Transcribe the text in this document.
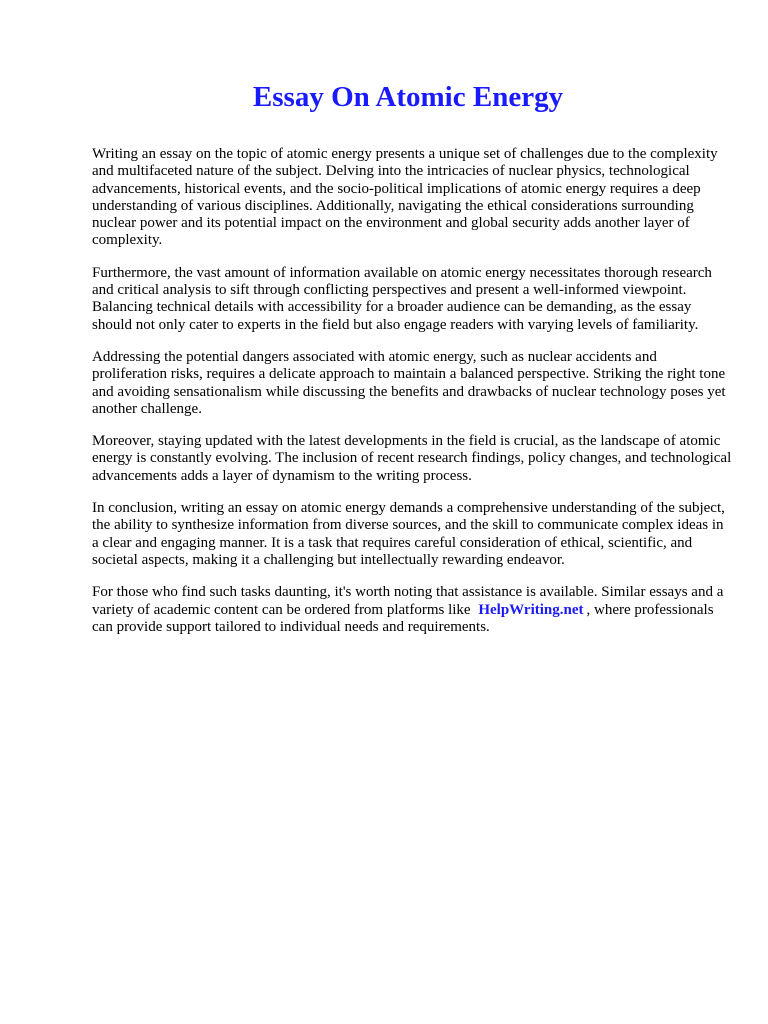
Essay On Atomic Energy

Writing an essay on the topic of atomic energy presents a unique set of challenges due to the complexity and multifaceted nature of the subject. Delving into the intricacies of nuclear physics, technological advancements, historical events, and the socio-political implications of atomic energy requires a deep understanding of various disciplines. Additionally, navigating the ethical considerations surrounding nuclear power and its potential impact on the environment and global security adds another layer of complexity.

Furthermore, the vast amount of information available on atomic energy necessitates thorough research and critical analysis to sift through conflicting perspectives and present a well-informed viewpoint. Balancing technical details with accessibility for a broader audience can be demanding, as the essay should not only cater to experts in the field but also engage readers with varying levels of familiarity.

Addressing the potential dangers associated with atomic energy, such as nuclear accidents and proliferation risks, requires a delicate approach to maintain a balanced perspective. Striking the right tone and avoiding sensationalism while discussing the benefits and drawbacks of nuclear technology poses yet another challenge.

Moreover, staying updated with the latest developments in the field is crucial, as the landscape of atomic energy is constantly evolving. The inclusion of recent research findings, policy changes, and technological advancements adds a layer of dynamism to the writing process.

In conclusion, writing an essay on atomic energy demands a comprehensive understanding of the subject, the ability to synthesize information from diverse sources, and the skill to communicate complex ideas in a clear and engaging manner. It is a task that requires careful consideration of ethical, scientific, and societal aspects, making it a challenging but intellectually rewarding endeavor.

For those who find such tasks daunting, it's worth noting that assistance is available. Similar essays and a variety of academic content can be ordered from platforms like HelpWriting.net , where professionals can provide support tailored to individual needs and requirements.
